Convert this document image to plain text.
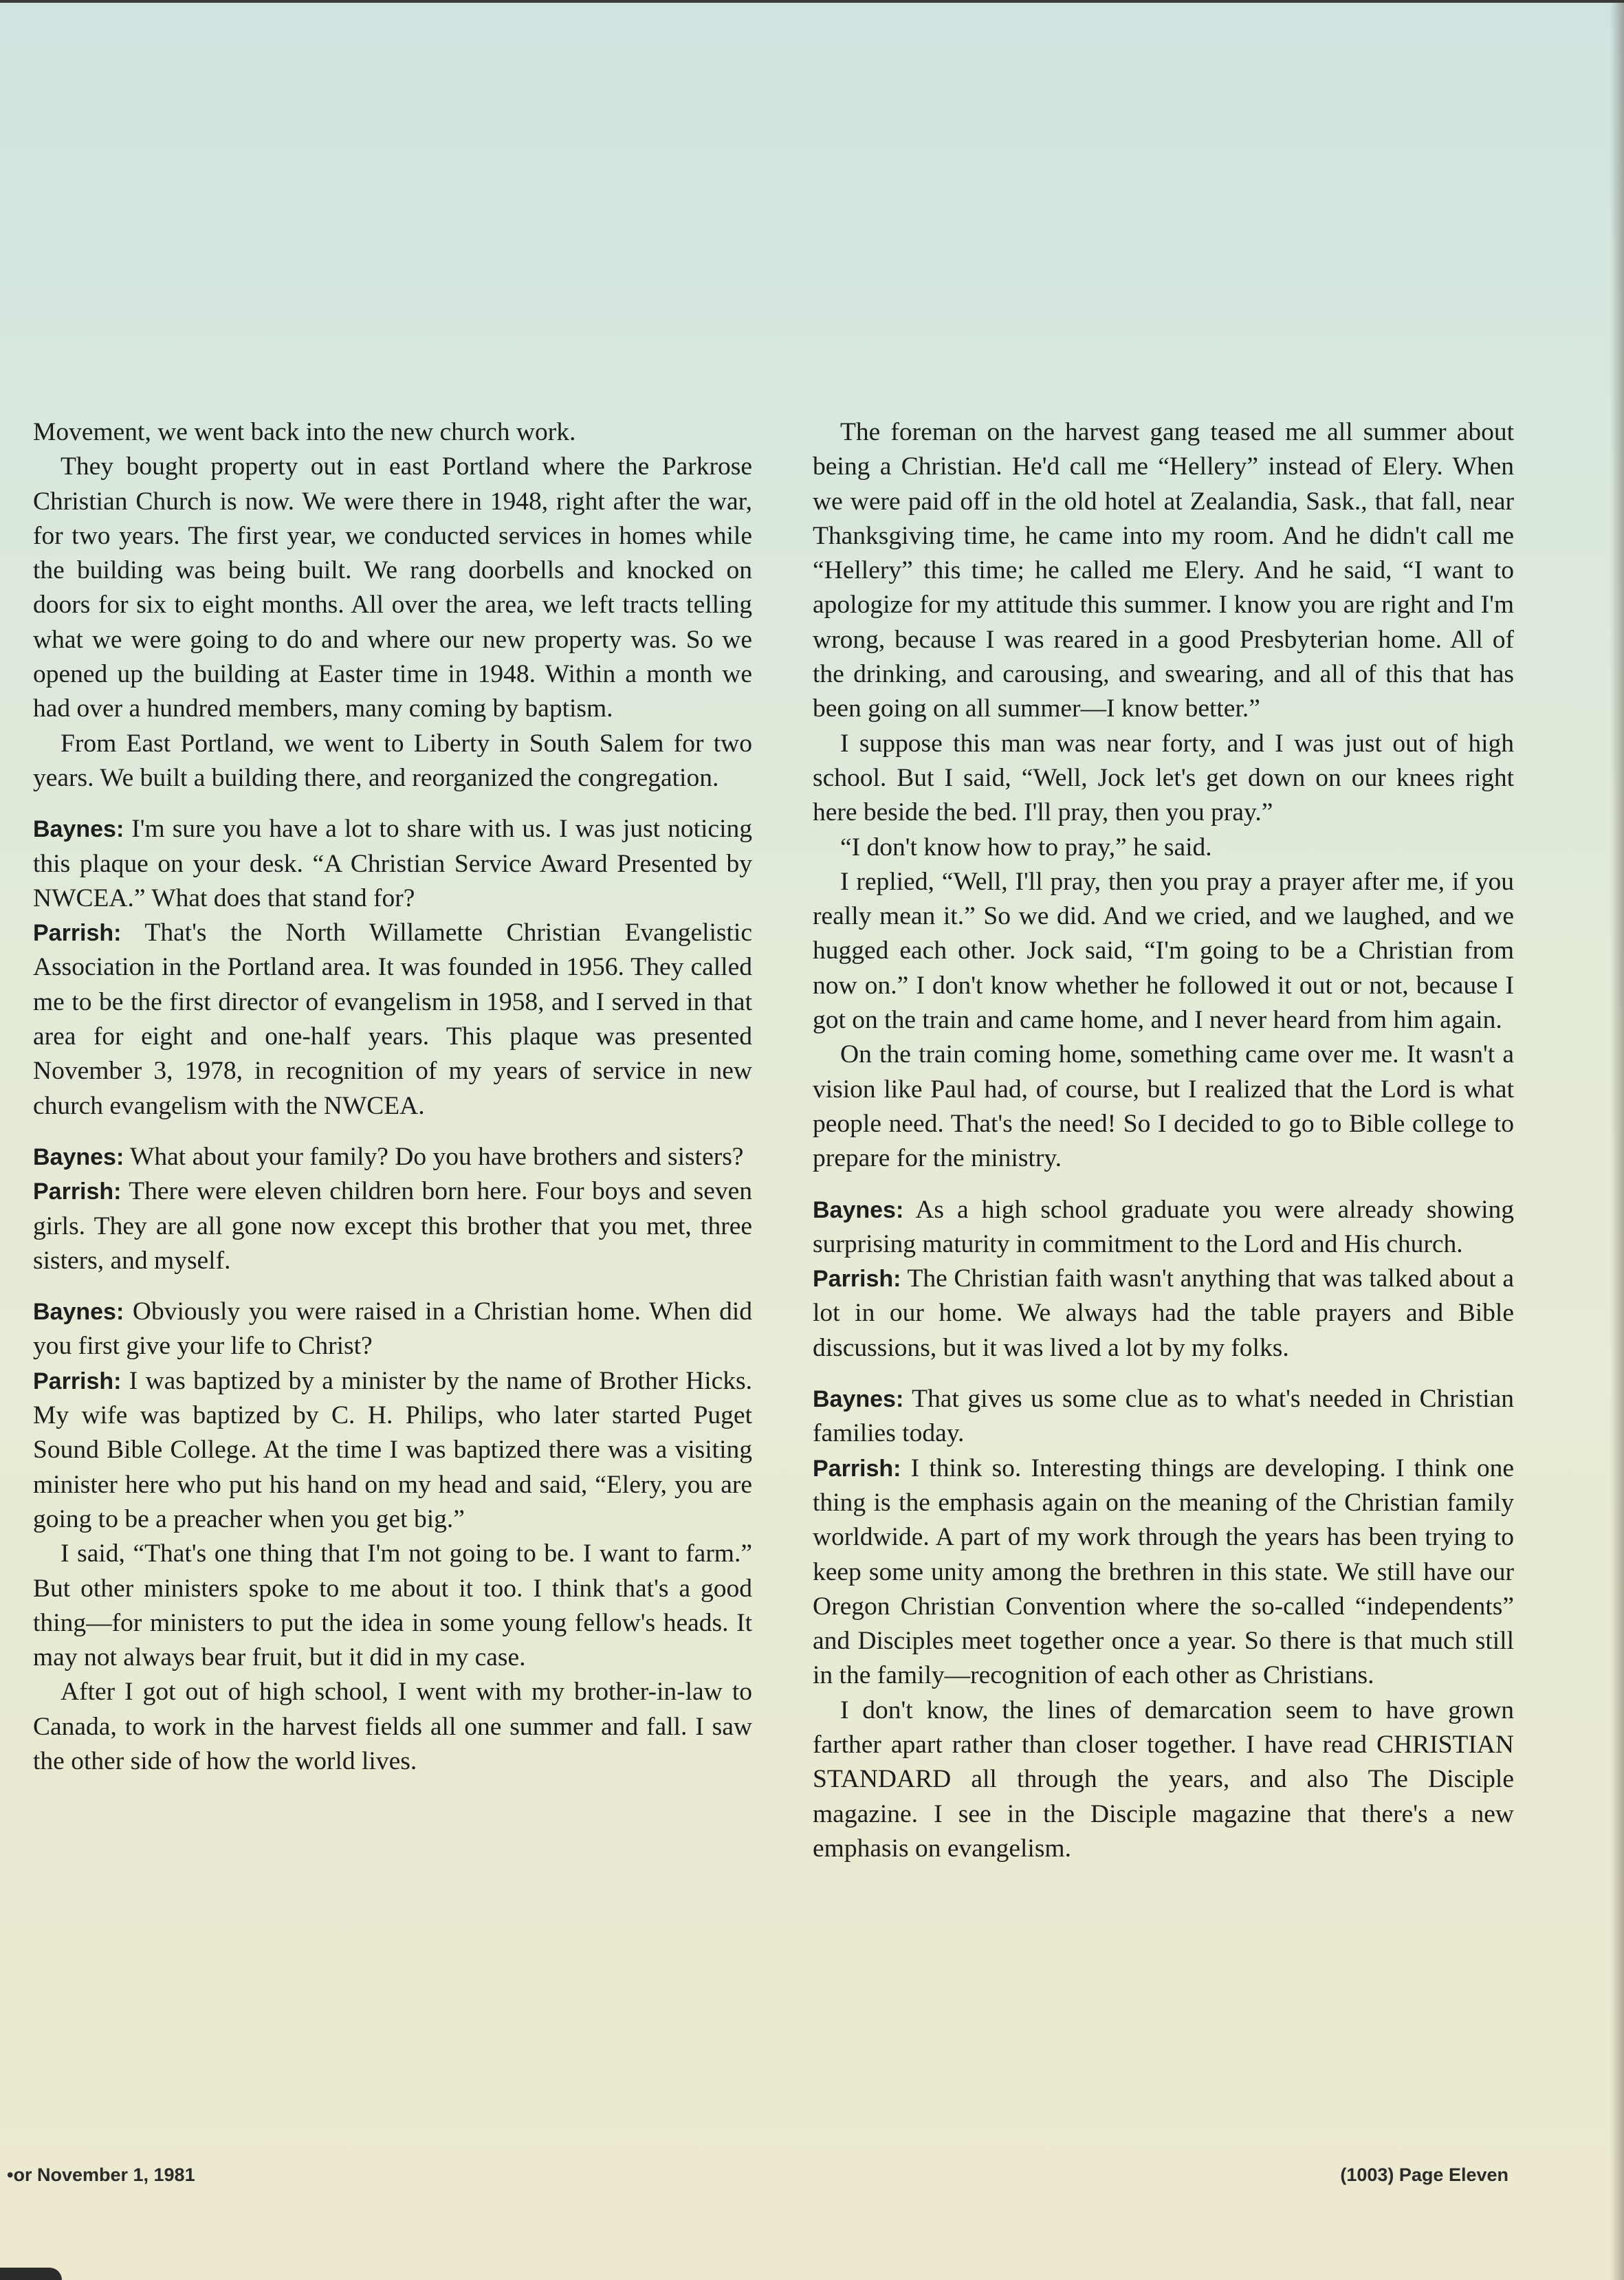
Movement, we went back into the new church work.

They bought property out in east Portland where the Parkrose Christian Church is now. We were there in 1948, right after the war, for two years. The first year, we conducted services in homes while the building was being built. We rang doorbells and knocked on doors for six to eight months. All over the area, we left tracts telling what we were going to do and where our new property was. So we opened up the building at Easter time in 1948. Within a month we had over a hundred members, many coming by baptism.

From East Portland, we went to Liberty in South Salem for two years. We built a building there, and reorganized the congregation.

Baynes: I'm sure you have a lot to share with us. I was just noticing this plaque on your desk. “A Christian Service Award Presented by NWCEA.” What does that stand for?

Parrish: That's the North Willamette Christian Evangelistic Association in the Portland area. It was founded in 1956. They called me to be the first director of evangelism in 1958, and I served in that area for eight and one-half years. This plaque was presented November 3, 1978, in recognition of my years of service in new church evangelism with the NWCEA.

Baynes: What about your family? Do you have brothers and sisters?

Parrish: There were eleven children born here. Four boys and seven girls. They are all gone now except this brother that you met, three sisters, and myself.

Baynes: Obviously you were raised in a Christian home. When did you first give your life to Christ?

Parrish: I was baptized by a minister by the name of Brother Hicks. My wife was baptized by C. H. Philips, who later started Puget Sound Bible College. At the time I was baptized there was a visiting minister here who put his hand on my head and said, “Elery, you are going to be a preacher when you get big.”

I said, “That's one thing that I'm not going to be. I want to farm.” But other ministers spoke to me about it too. I think that's a good thing—for ministers to put the idea in some young fellow's heads. It may not always bear fruit, but it did in my case.

After I got out of high school, I went with my brother-in-law to Canada, to work in the harvest fields all one summer and fall. I saw the other side of how the world lives.

The foreman on the harvest gang teased me all summer about being a Christian. He'd call me “Hellery” instead of Elery. When we were paid off in the old hotel at Zealandia, Sask., that fall, near Thanksgiving time, he came into my room. And he didn't call me “Hellery” this time; he called me Elery. And he said, “I want to apologize for my attitude this summer. I know you are right and I'm wrong, because I was reared in a good Presbyterian home. All of the drinking, and carousing, and swearing, and all of this that has been going on all summer—I know better.”

I suppose this man was near forty, and I was just out of high school. But I said, “Well, Jock let's get down on our knees right here beside the bed. I'll pray, then you pray.”

“I don't know how to pray,” he said.

I replied, “Well, I'll pray, then you pray a prayer after me, if you really mean it.” So we did. And we cried, and we laughed, and we hugged each other. Jock said, “I'm going to be a Christian from now on.” I don't know whether he followed it out or not, because I got on the train and came home, and I never heard from him again.

On the train coming home, something came over me. It wasn't a vision like Paul had, of course, but I realized that the Lord is what people need. That's the need! So I decided to go to Bible college to prepare for the ministry.

Baynes: As a high school graduate you were already showing surprising maturity in commitment to the Lord and His church.

Parrish: The Christian faith wasn't anything that was talked about a lot in our home. We always had the table prayers and Bible discussions, but it was lived a lot by my folks.

Baynes: That gives us some clue as to what's needed in Christian families today.

Parrish: I think so. Interesting things are developing. I think one thing is the emphasis again on the meaning of the Christian family worldwide. A part of my work through the years has been trying to keep some unity among the brethren in this state. We still have our Oregon Christian Convention where the so-called “independents” and Disciples meet together once a year. So there is that much still in the family—recognition of each other as Christians.

I don't know, the lines of demarcation seem to have grown farther apart rather than closer together. I have read CHRISTIAN STANDARD all through the years, and also The Disciple magazine. I see in the Disciple magazine that there's a new emphasis on evangelism.

•or November 1, 1981	(1003) Page Eleven
